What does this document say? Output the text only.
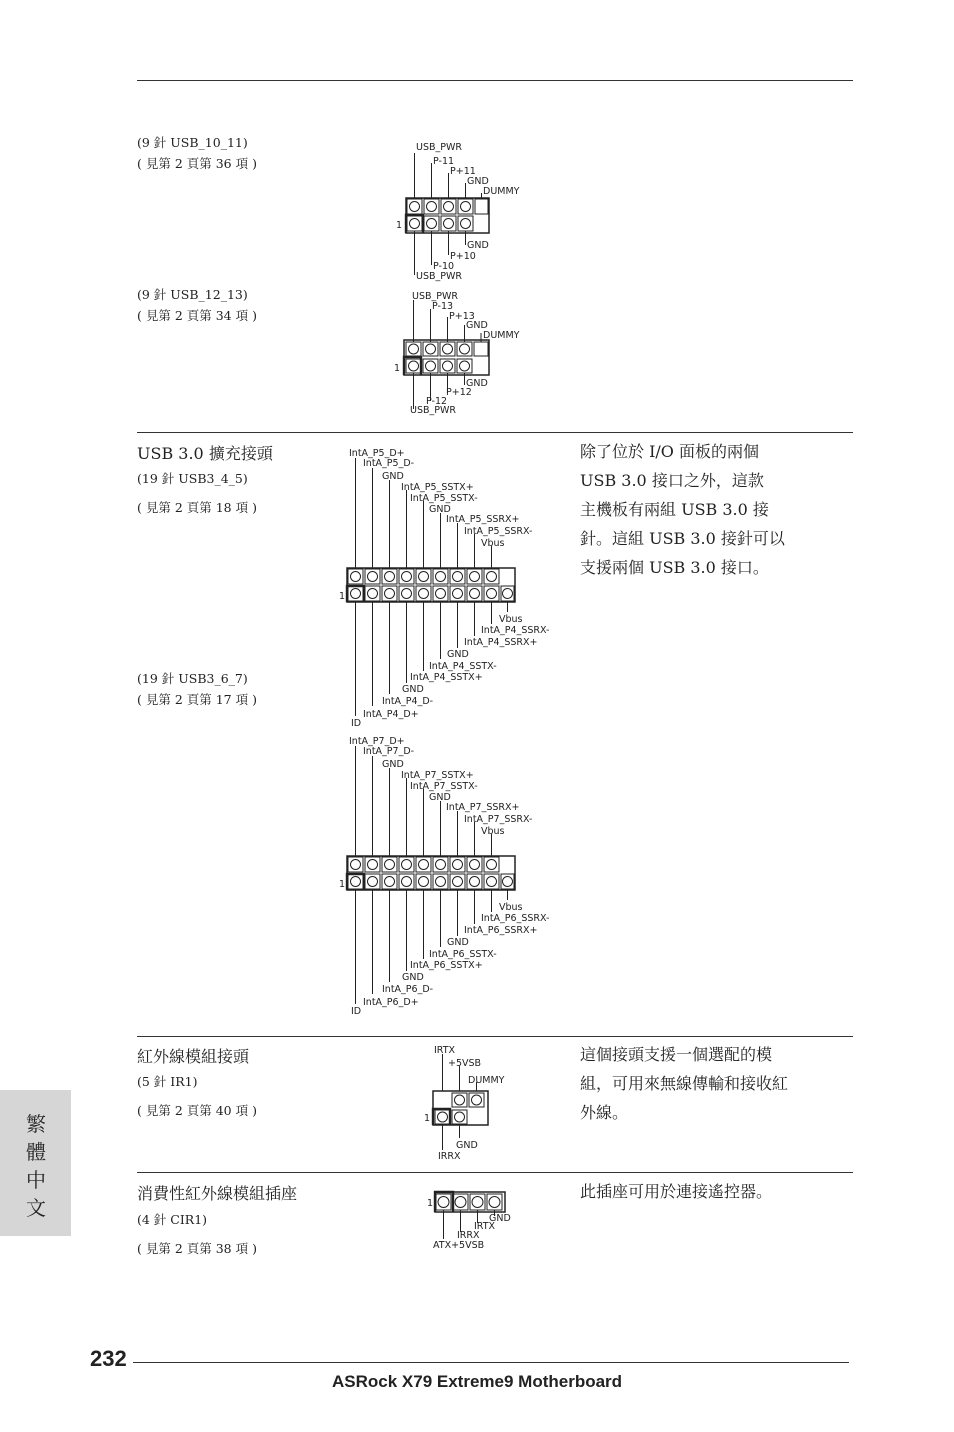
(9 針 USB_10_11)
( 見第 2 頁第 36 項 )
(9 針 USB_12_13)
( 見第 2 頁第 34 項 )
USB_PWR
P-11
P+11
GND
DUMMY
GND
P+10
P-10
USB_PWR
1
USB_PWR
P-13
P+13
GND
DUMMY
GND
P+12
P-12
USB_PWR
1
USB 3.0 擴充接頭
(19 針 USB3_4_5)
( 見第 2 頁第 18 項 )
(19 針 USB3_6_7)
( 見第 2 頁第 17 項 )
除了位於 I/O 面板的兩個
USB 3.0 接口之外，這款
主機板有兩組 USB 3.0 接
針。這組 USB 3.0 接針可以
支援兩個 USB 3.0 接口。
IntA_P5_D+
IntA_P5_D-
GND
IntA_P5_SSTX+
IntA_P5_SSTX-
GND
IntA_P5_SSRX+
IntA_P5_SSRX-
Vbus
Vbus
IntA_P4_SSRX-
IntA_P4_SSRX+
GND
IntA_P4_SSTX-
IntA_P4_SSTX+
GND
IntA_P4_D-
IntA_P4_D+
ID
1
IntA_P7_D+
IntA_P7_D-
GND
IntA_P7_SSTX+
IntA_P7_SSTX-
GND
IntA_P7_SSRX+
IntA_P7_SSRX-
Vbus
Vbus
IntA_P6_SSRX-
IntA_P6_SSRX+
GND
IntA_P6_SSTX-
IntA_P6_SSTX+
GND
IntA_P6_D-
IntA_P6_D+
ID
1
紅外線模組接頭
(5 針 IR1)
( 見第 2 頁第 40 項 )
這個接頭支援一個選配的模
組，可用來無線傳輸和接收紅
外線。
IRTX
+5VSB
DUMMY
GND
IRRX
1
消費性紅外線模組插座
(4 針 CIR1)
( 見第 2 頁第 38 項 )
此插座可用於連接遙控器。
GND
IRTX
IRRX
ATX+5VSB
1
繁體中文
232
ASRock X79 Extreme9 Motherboard
